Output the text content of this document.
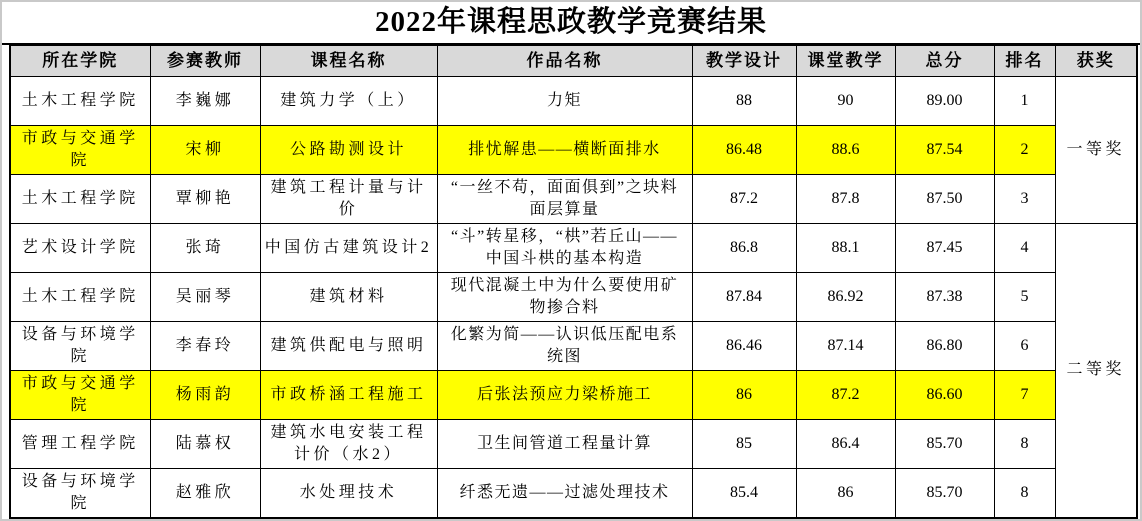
2022年课程思政教学竞赛结果
所在学院	参赛教师	课程名称	作品名称	教学设计	课堂教学	总分	排名	获奖
土木工程学院	李巍娜	建筑力学（上）	力矩	88	90	89.00	1	一等奖
市政与交通学院	宋柳	公路勘测设计	排忧解患——横断面排水	86.48	88.6	87.54	2	
土木工程学院	覃柳艳	建筑工程计量与计价	“一丝不苟，面面俱到”之块料面层算量	87.2	87.8	87.50	3	
艺术设计学院	张琦	中国仿古建筑设计2	“斗”转星移，“栱”若丘山——中国斗栱的基本构造	86.8	88.1	87.45	4	二等奖
土木工程学院	吴丽琴	建筑材料	现代混凝土中为什么要使用矿物掺合料	87.84	86.92	87.38	5	
设备与环境学院	李春玲	建筑供配电与照明	化繁为简——认识低压配电系统图	86.46	87.14	86.80	6	
市政与交通学院	杨雨韵	市政桥涵工程施工	后张法预应力梁桥施工	86	87.2	86.60	7	
管理工程学院	陆慕权	建筑水电安装工程计价（水2）	卫生间管道工程量计算	85	86.4	85.70	8	
设备与环境学院	赵雅欣	水处理技术	纤悉无遗——过滤处理技术	85.4	86	85.70	8	
